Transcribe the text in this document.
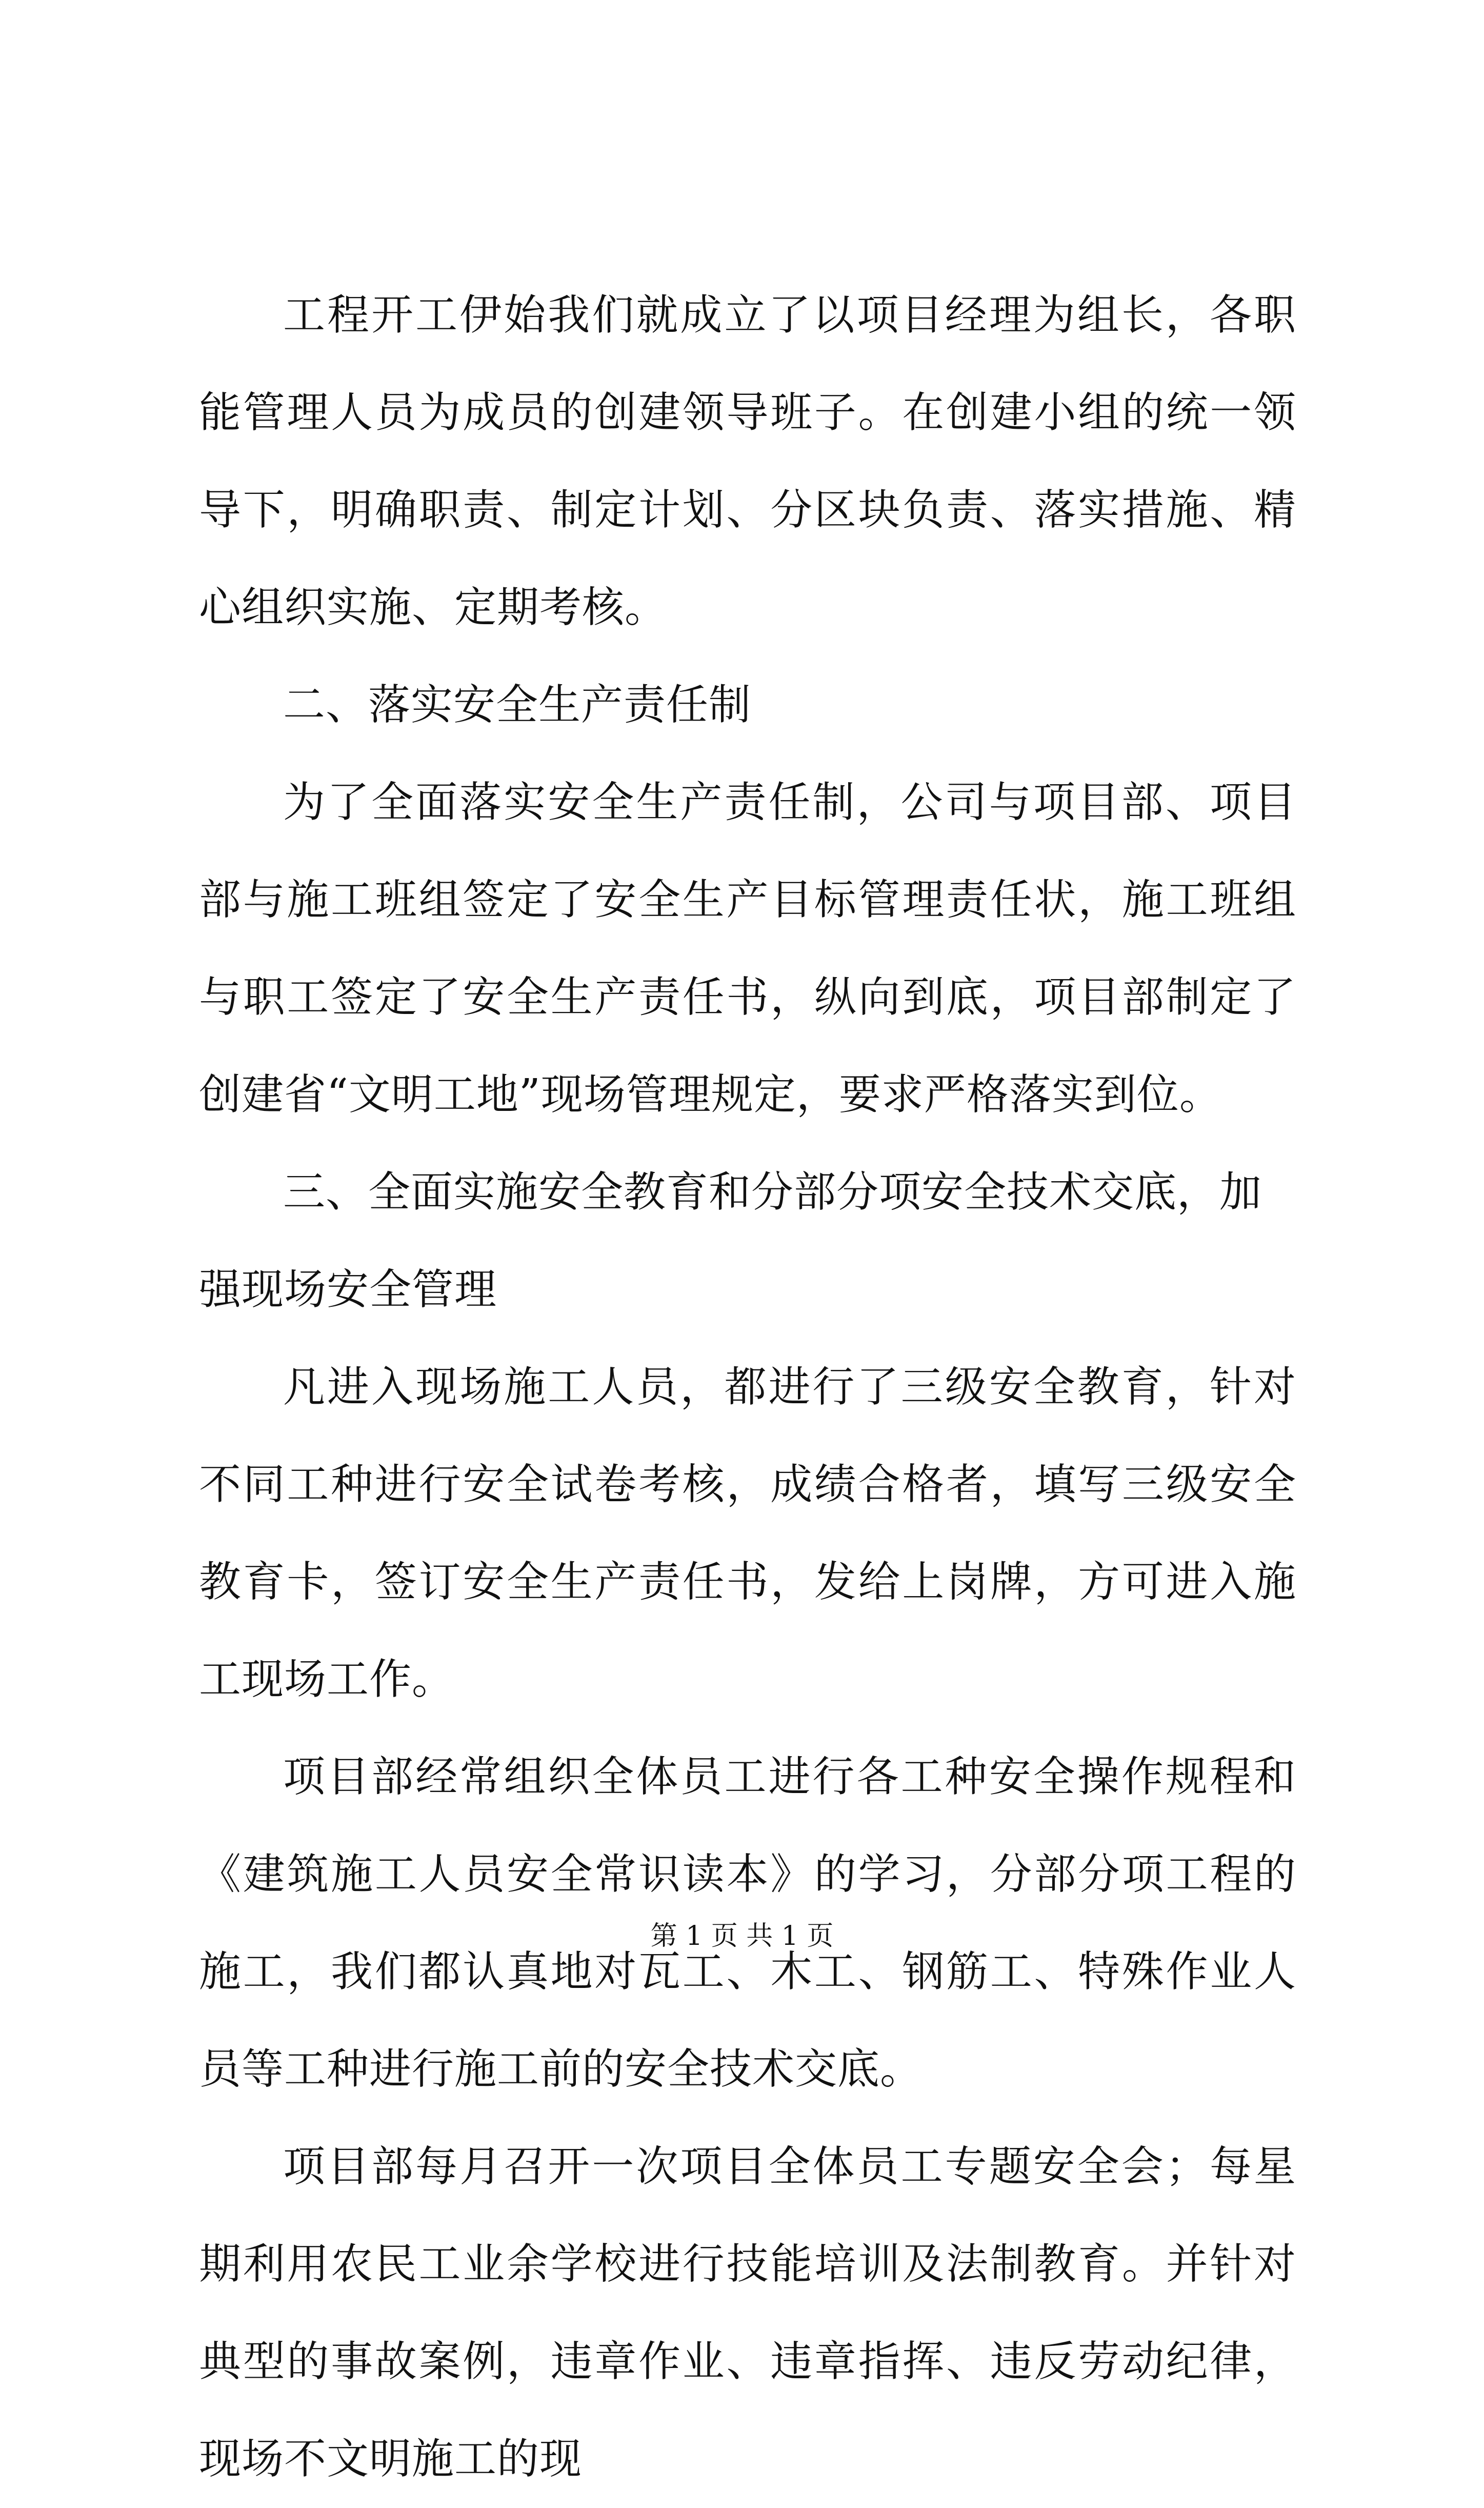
工程开工伊始我们就成立了以项目经理为组长，各职能管理人员为成员的创建领导班子。在创建小组的统一领导下，明确职责、制定计划、分区块负责、落实措施、精心组织实施、定期考核。

二、落实安全生产责任制

为了全面落实安全生产责任制，公司与项目部、项目部与施工班组签定了安全生产目标管理责任状，施工班组与职工签定了安全生产责任书，纵向到底，项目部制定了创建省“文明工地”现场管理规定，要求严格落实到位。

三、全面实施安全教育和分部分项安全技术交底，加强现场安全管理

凡进入现场施工人员，都进行了三级安全教育，针对不同工种进行安全试卷考核，成绩合格者，填写三级安全教育卡，签订安全生产责任书，发给上岗牌，方可进入施工现场工作。

项目部经常组织全体员工进行各工种安全操作规程和《建筑施工人员安全常识读本》的学习，分部分项工程的施工，我们都认真地对瓦工、木工、钢筋工、特殊作业人员等工种进行施工前的安全技术交底。

项目部每月召开一次项目全体员工专题安全会；每星期利用农民工业余学校进行技能培训及法制教育。并针对典型的事故案例，违章作业、违章指挥、违反劳动纪律，现场不文明施工的现

第 1 页 共 1 页
